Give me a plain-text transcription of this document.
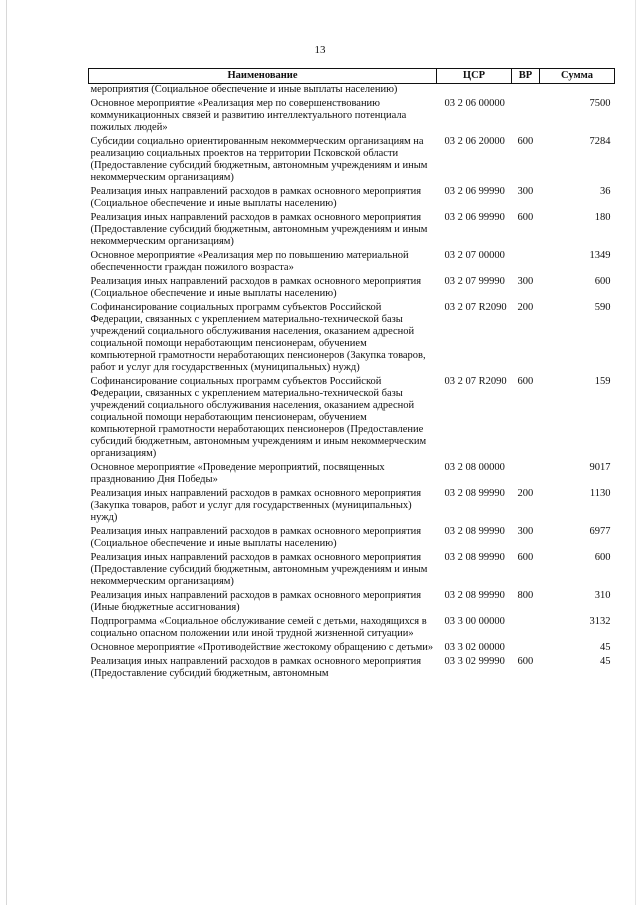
13
Наименование	ЦСР	ВР	Сумма
мероприятия (Социальное обеспечение и иные выплаты населению)			
Основное мероприятие «Реализация мер по совершенствованию коммуникационных связей и развитию интеллектуального потенциала пожилых людей»	03 2 06 00000		7500
Субсидии социально ориентированным некоммерческим организациям на реализацию социальных проектов на территории Псковской области (Предоставление субсидий бюджетным, автономным учреждениям и иным некоммерческим организациям)	03 2 06 20000	600	7284
Реализация иных направлений расходов в рамках основного мероприятия (Социальное обеспечение и иные выплаты населению)	03 2 06 99990	300	36
Реализация иных направлений расходов в рамках основного мероприятия (Предоставление субсидий бюджетным, автономным учреждениям и иным некоммерческим организациям)	03 2 06 99990	600	180
Основное мероприятие «Реализация мер по повышению материальной обеспеченности граждан пожилого возраста»	03 2 07 00000		1349
Реализация иных направлений расходов в рамках основного мероприятия (Социальное обеспечение и иные выплаты населению)	03 2 07 99990	300	600
Софинансирование социальных программ субъектов Российской Федерации, связанных с укреплением материально-технической базы учреждений социального обслуживания населения, оказанием адресной социальной помощи неработающим пенсионерам, обучением компьютерной грамотности неработающих пенсионеров (Закупка товаров, работ и услуг для государственных (муниципальных) нужд)	03 2 07 R2090	200	590
Софинансирование социальных программ субъектов Российской Федерации, связанных с укреплением материально-технической базы учреждений социального обслуживания населения, оказанием адресной социальной помощи неработающим пенсионерам, обучением компьютерной грамотности неработающих пенсионеров (Предоставление субсидий бюджетным, автономным учреждениям и иным некоммерческим организациям)	03 2 07 R2090	600	159
Основное мероприятие «Проведение мероприятий, посвященных празднованию Дня Победы»	03 2 08 00000		9017
Реализация иных направлений расходов в рамках основного мероприятия (Закупка товаров, работ и услуг для государственных (муниципальных) нужд)	03 2 08 99990	200	1130
Реализация иных направлений расходов в рамках основного мероприятия (Социальное обеспечение и иные выплаты населению)	03 2 08 99990	300	6977
Реализация иных направлений расходов в рамках основного мероприятия (Предоставление субсидий бюджетным, автономным учреждениям и иным некоммерческим организациям)	03 2 08 99990	600	600
Реализация иных направлений расходов в рамках основного мероприятия (Иные бюджетные ассигнования)	03 2 08 99990	800	310
Подпрограмма «Социальное обслуживание семей с детьми, находящихся в социально опасном положении или иной трудной жизненной ситуации»	03 3 00 00000		3132
Основное мероприятие «Противодействие жестокому обращению с детьми»	03 3 02 00000		45
Реализация иных направлений расходов в рамках основного мероприятия (Предоставление субсидий бюджетным, автономным	03 3 02 99990	600	45
